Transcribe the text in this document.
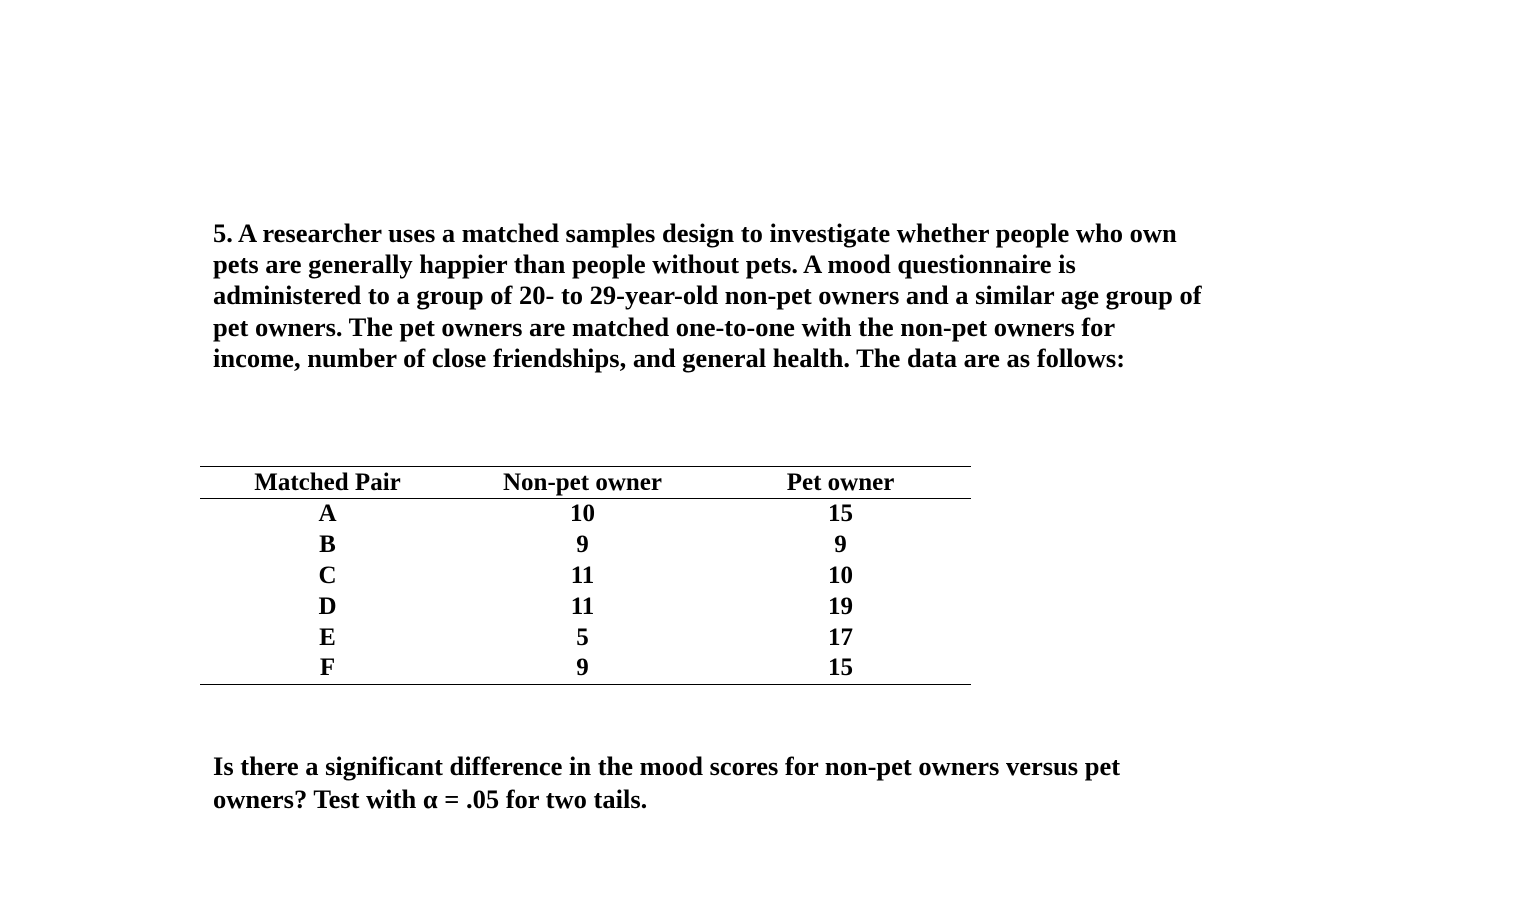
5. A researcher uses a matched samples design to investigate whether people who own pets are generally happier than people without pets. A mood questionnaire is administered to a group of 20- to 29-year-old non-pet owners and a similar age group of pet owners. The pet owners are matched one-to-one with the non-pet owners for income, number of close friendships, and general health. The data are as follows:

Matched Pair	Non-pet owner	Pet owner
A	10	15
B	9	9
C	11	10
D	11	19
E	5	17
F	9	15

Is there a significant difference in the mood scores for non-pet owners versus pet owners? Test with α = .05 for two tails.
